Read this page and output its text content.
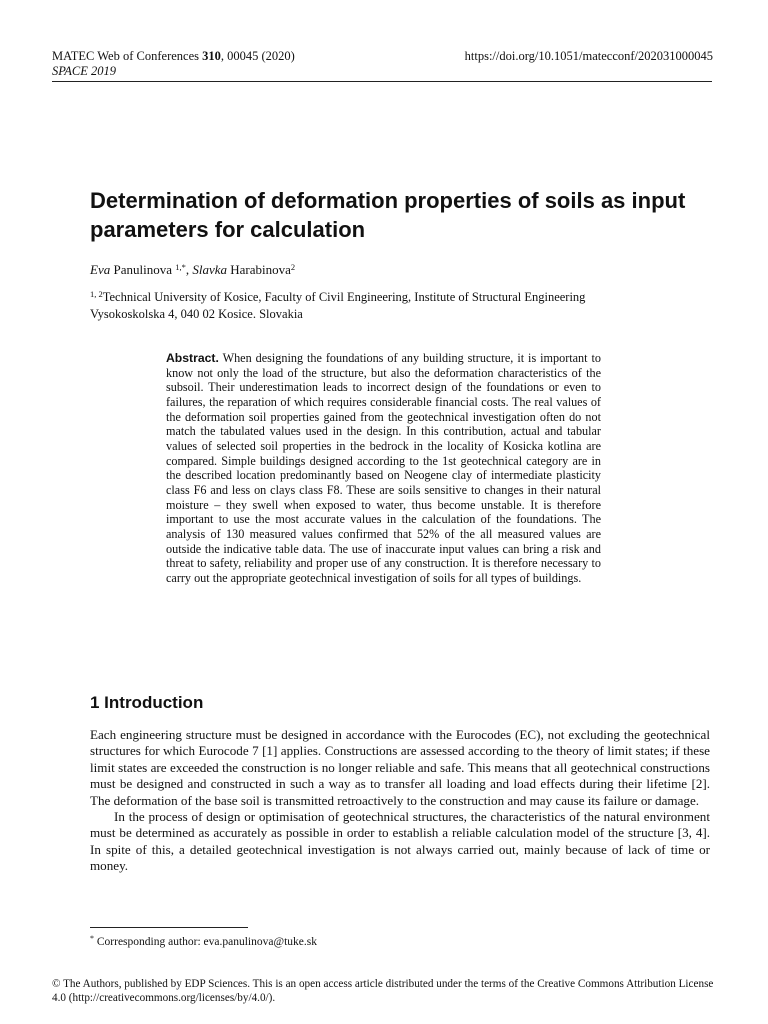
MATEC Web of Conferences 310, 00045 (2020)
SPACE 2019
https://doi.org/10.1051/matecconf/202031000045
Determination of deformation properties of soils as input parameters for calculation
Eva Panulinova $^{1,*}$, Slavka Harabinova$^2$
$^{1, 2}$Technical University of Kosice, Faculty of Civil Engineering, Institute of Structural Engineering
Vysokoskolska 4, 040 02 Kosice. Slovakia
Abstract. When designing the foundations of any building structure, it is important to know not only the load of the structure, but also the deformation characteristics of the subsoil. Their underestimation leads to incorrect design of the foundations or even to failures, the reparation of which requires considerable financial costs. The real values of the deformation soil properties gained from the geotechnical investigation often do not match the tabulated values used in the design. In this contribution, actual and tabular values of selected soil properties in the bedrock in the locality of Kosicka kotlina are compared. Simple buildings designed according to the 1st geotechnical category are in the described location predominantly based on Neogene clay of intermediate plasticity class F6 and less on clays class F8. These are soils sensitive to changes in their natural moisture – they swell when exposed to water, thus become unstable. It is therefore important to use the most accurate values in the calculation of the foundations. The analysis of 130 measured values confirmed that 52% of the all measured values are outside the indicative table data. The use of inaccurate input values can bring a risk and threat to safety, reliability and proper use of any construction. It is therefore necessary to carry out the appropriate geotechnical investigation of soils for all types of buildings.
1 Introduction

Each engineering structure must be designed in accordance with the Eurocodes (EC), not excluding the geotechnical structures for which Eurocode 7 [1] applies. Constructions are assessed according to the theory of limit states; if these limit states are exceeded the construction is no longer reliable and safe. This means that all geotechnical constructions must be designed and constructed in such a way as to transfer all loading and load effects during their lifetime [2]. The deformation of the base soil is transmitted retroactively to the construction and may cause its failure or damage.

In the process of design or optimisation of geotechnical structures, the characteristics of the natural environment must be determined as accurately as possible in order to establish a reliable calculation model of the structure [3, 4]. In spite of this, a detailed geotechnical investigation is not always carried out, mainly because of lack of time or money.

* Corresponding author: eva.panulinova@tuke.sk
© The Authors, published by EDP Sciences. This is an open access article distributed under the terms of the Creative Commons Attribution License 4.0 (http://creativecommons.org/licenses/by/4.0/).
